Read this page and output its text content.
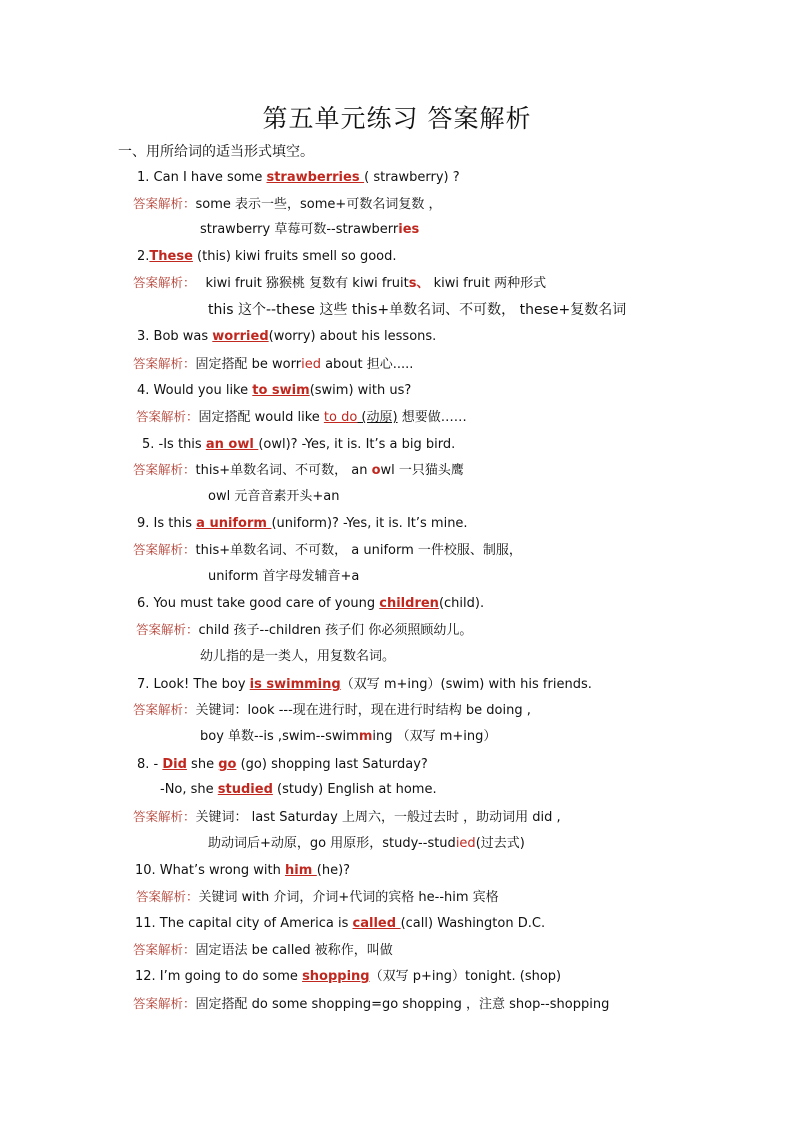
第五单元练习 答案解析
一、用所给词的适当形式填空。
1. Can I have some strawberries ( strawberry) ?
答案解析：some 表示一些，some+可数名词复数 ，
strawberry 草莓可数--strawberries
2.These (this) kiwi fruits smell so good.
答案解析： kiwi fruit 猕猴桃 复数有 kiwi fruits、 kiwi fruit 两种形式
this 这个--these 这些 this+单数名词、不可数， these+复数名词
3. Bob was worried(worry) about his lessons.
答案解析：固定搭配 be worried about 担心.....
4. Would you like to swim(swim) with us?
答案解析：固定搭配 would like to do (动原) 想要做……
5. -Is this an owl (owl)? -Yes, it is. It’s a big bird.
答案解析：this+单数名词、不可数， an owl 一只猫头鹰
owl 元音音素开头+an
9. Is this a uniform (uniform)? -Yes, it is. It’s mine.
答案解析：this+单数名词、不可数， a uniform 一件校服、制服，
uniform 首字母发辅音+a
6. You must take good care of young children(child).
答案解析：child 孩子--children 孩子们 你必须照顾幼儿。
幼儿指的是一类人，用复数名词。
7. Look! The boy is swimming（双写 m+ing）(swim) with his friends.
答案解析：关键词：look ---现在进行时，现在进行时结构 be doing ,
boy 单数--is ,swim--swimming （双写 m+ing）
8. - Did she go (go) shopping last Saturday?
-No, she studied (study) English at home.
答案解析：关键词： last Saturday 上周六，一般过去时 ，助动词用 did ,
助动词后+动原，go 用原形，study--studied(过去式)
10. What’s wrong with him (he)?
答案解析：关键词 with 介词，介词+代词的宾格 he--him 宾格
11. The capital city of America is called (call) Washington D.C.
答案解析：固定语法 be called 被称作，叫做
12. I’m going to do some shopping（双写 p+ing）tonight. (shop)
答案解析：固定搭配 do some shopping=go shopping ，注意 shop--shopping
